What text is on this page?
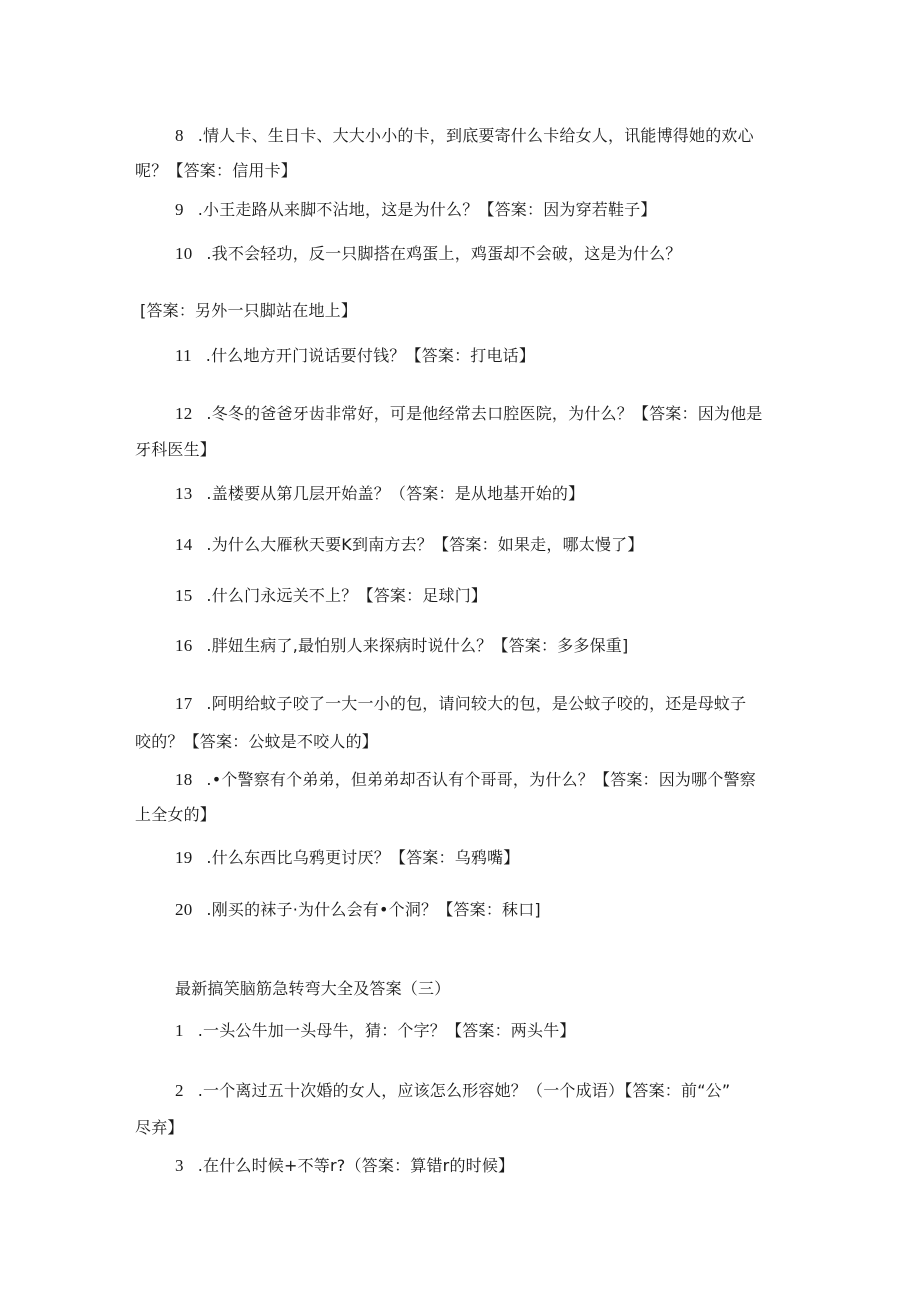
8 .情人卡、生日卡、大大小小的卡，到底要寄什么卡给女人，讯能博得她的欢心
呢？【答案：信用卡】
9 .小王走路从来脚不沾地，这是为什么？【答案：因为穿若鞋子】
10 .我不会轻功，反一只脚搭在鸡蛋上，鸡蛋却不会破，这是为什么？
[答案：另外一只脚站在地上】
11 .什么地方开门说话要付钱？【答案：打电话】
12 .冬冬的爸爸牙齿非常好，可是他经常去口腔医院，为什么？【答案：因为他是
牙科医生】
13 .盖楼要从第几层开始盖？（答案：是从地基开始的】
14 .为什么大雁秋天要K到南方去？【答案：如果走，哪太慢了】
15 .什么门永远关不上？【答案：足球门】
16 .胖妞生病了,最怕别人来探病时说什么？【答案：多多保重]
17 .阿明给蚊子咬了一大一小的包，请问较大的包，是公蚊子咬的，还是母蚊子
咬的？【答案：公蚊是不咬人的】
18 .•个警察有个弟弟，但弟弟却否认有个哥哥，为什么？【答案：因为哪个警察
上全女的】
19 .什么东西比乌鸦更讨厌？【答案：乌鸦嘴】
20 .刚买的袜子·为什么会有•个洞？【答案：秣口]
最新搞笑脑筋急转弯大全及答案（三）
1 .一头公牛加一头母牛，猜：个字？【答案：两头牛】
2 .一个离过五十次婚的女人，应该怎么形容她？（一个成语）【答案：前“公”
尽弃】
3 .在什么时候+不等r?（答案：算错r的时候】
